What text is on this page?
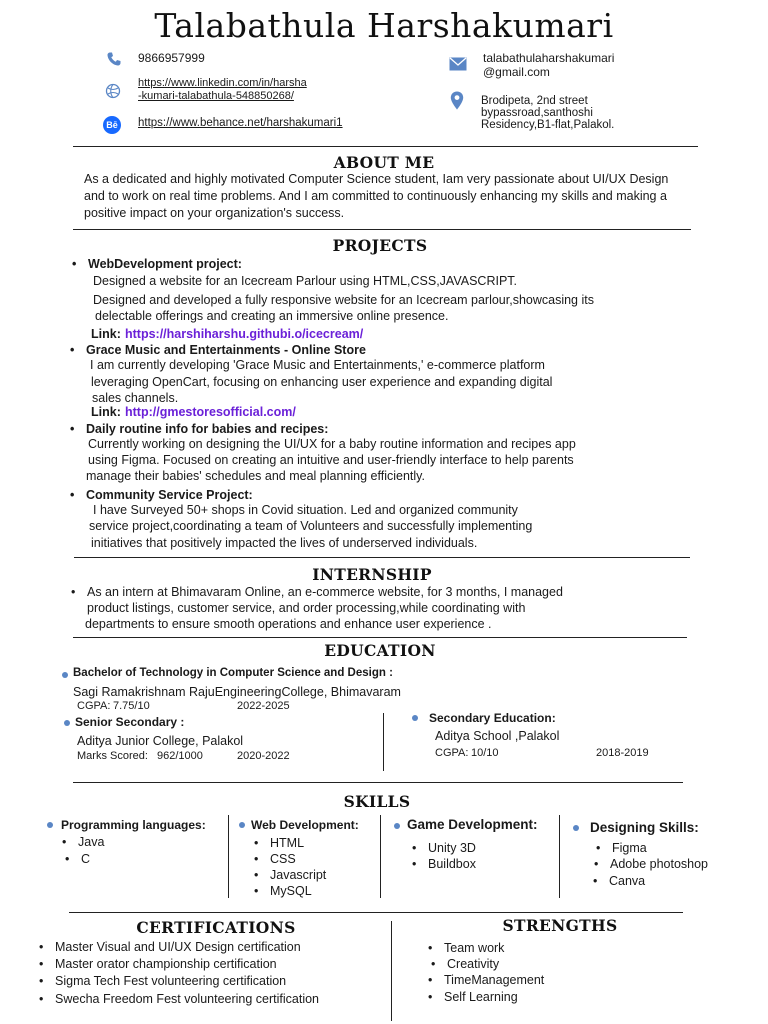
Talabathula Harshakumari
9866957999
https://www.linkedin.com/in/harsha
-kumari-talabathula-548850268/
Bē https://www.behance.net/harshakumari1
talabathulaharshakumari
@gmail.com
Brodipeta, 2nd street
bypassroad,santhoshi
Residency,B1-flat,Palakol.
ABOUT ME
As a dedicated and highly motivated Computer Science student, Iam very passionate about UI/UX Design
and to work on real time problems. And I am committed to continuously enhancing my skills and making a
positive impact on your organization's success.
PROJECTS
• WebDevelopment project:
Designed a website for an Icecream Parlour using HTML,CSS,JAVASCRIPT.
Designed and developed a fully responsive website for an Icecream parlour,showcasing its
delectable offerings and creating an immersive online presence.
Link: https://harshiharshu.githubi.o/icecream/
• Grace Music and Entertainments - Online Store
I am currently developing 'Grace Music and Entertainments,' e-commerce platform
leveraging OpenCart, focusing on enhancing user experience and expanding digital
sales channels.
Link: http://gmestoresofficial.com/
• Daily routine info for babies and recipes:
Currently working on designing the UI/UX for a baby routine information and recipes app
using Figma. Focused on creating an intuitive and user-friendly interface to help parents
manage their babies' schedules and meal planning efficiently.
• Community Service Project:
I have Surveyed 50+ shops in Covid situation. Led and organized community
service project,coordinating a team of Volunteers and successfully implementing
initiatives that positively impacted the lives of underserved individuals.
INTERNSHIP
• As an intern at Bhimavaram Online, an e-commerce website, for 3 months, I managed
product listings, customer service, and order processing,while coordinating with
departments to ensure smooth operations and enhance user experience .
EDUCATION
Bachelor of Technology in Computer Science and Design :
Sagi Ramakrishnam RajuEngineeringCollege, Bhimavaram
CGPA: 7.75/10	2022-2025
Senior Secondary :
Aditya Junior College, Palakol
Marks Scored: 962/1000	2020-2022
Secondary Education:
Aditya School ,Palakol
CGPA: 10/10	2018-2019
SKILLS
Programming languages:
• Java
• C
Web Development:
• HTML
• CSS
• Javascript
• MySQL
Game Development:
• Unity 3D
• Buildbox
Designing Skills:
• Figma
• Adobe photoshop
• Canva
CERTIFICATIONS
• Master Visual and UI/UX Design certification
• Master orator championship certification
• Sigma Tech Fest volunteering certification
• Swecha Freedom Fest volunteering certification
STRENGTHS
• Team work
• Creativity
• TimeManagement
• Self Learning
